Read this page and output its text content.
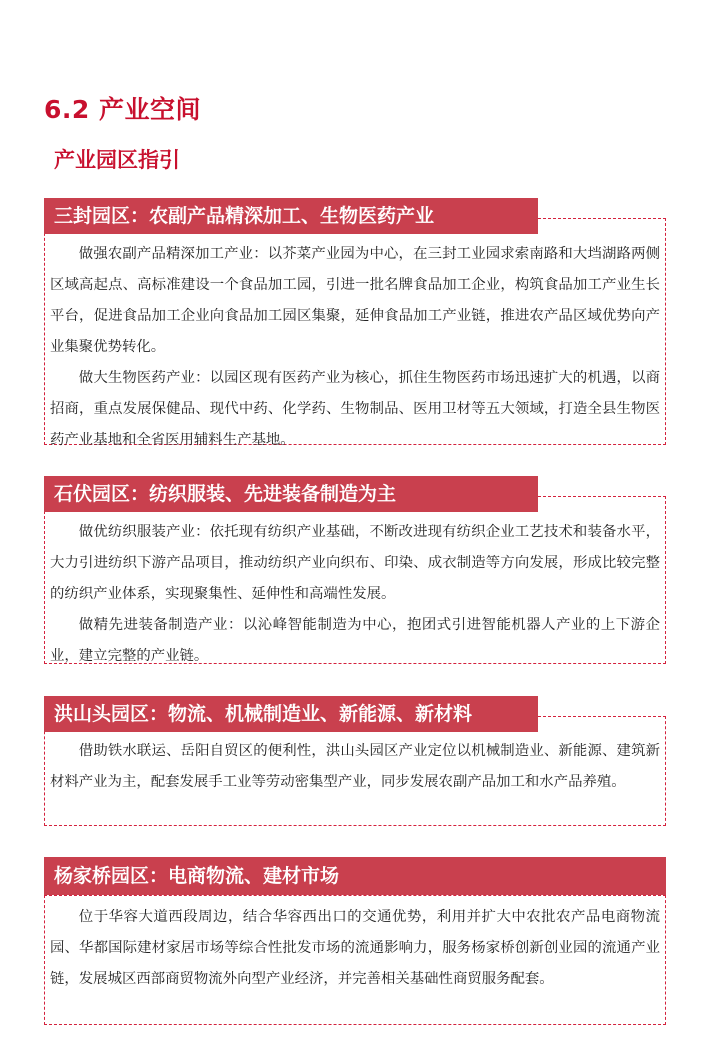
6.2 产业空间
产业园区指引
三封园区：农副产品精深加工、生物医药产业

做强农副产品精深加工产业：以芥菜产业园为中心，在三封工业园求索南路和大垱湖路两侧区域高起点、高标准建设一个食品加工园，引进一批名牌食品加工企业，构筑食品加工产业生长平台，促进食品加工企业向食品加工园区集聚，延伸食品加工产业链，推进农产品区域优势向产业集聚优势转化。

做大生物医药产业：以园区现有医药产业为核心，抓住生物医药市场迅速扩大的机遇，以商招商，重点发展保健品、现代中药、化学药、生物制品、医用卫材等五大领域，打造全县生物医药产业基地和全省医用辅料生产基地。

石伏园区：纺织服装、先进装备制造为主

做优纺织服装产业：依托现有纺织产业基础，不断改进现有纺织企业工艺技术和装备水平，大力引进纺织下游产品项目，推动纺织产业向织布、印染、成衣制造等方向发展，形成比较完整的纺织产业体系，实现聚集性、延伸性和高端性发展。

做精先进装备制造产业：以沁峰智能制造为中心，抱团式引进智能机器人产业的上下游企业，建立完整的产业链。

洪山头园区：物流、机械制造业、新能源、新材料

借助铁水联运、岳阳自贸区的便利性，洪山头园区产业定位以机械制造业、新能源、建筑新材料产业为主，配套发展手工业等劳动密集型产业，同步发展农副产品加工和水产品养殖。

杨家桥园区：电商物流、建材市场

位于华容大道西段周边，结合华容西出口的交通优势，利用并扩大中农批农产品电商物流园、华都国际建材家居市场等综合性批发市场的流通影响力，服务杨家桥创新创业园的流通产业链，发展城区西部商贸物流外向型产业经济，并完善相关基础性商贸服务配套。
